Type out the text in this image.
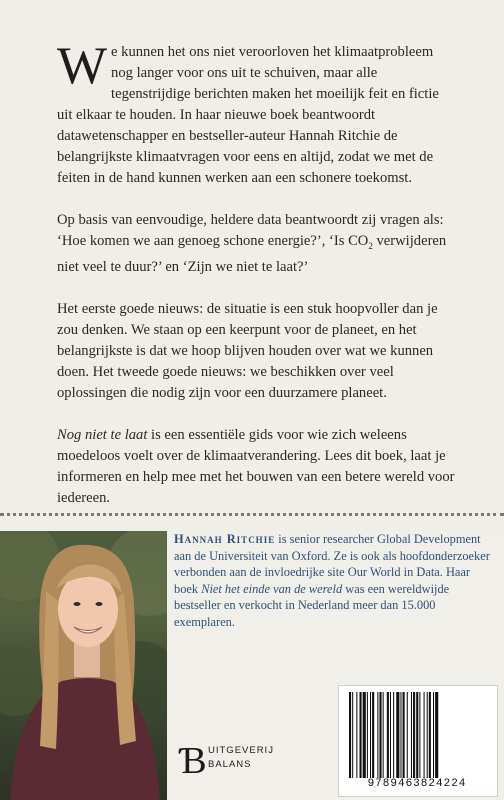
We kunnen het ons niet veroorloven het klimaatprobleem nog langer voor ons uit te schuiven, maar alle tegenstrijdige berichten maken het moeilijk feit en fictie uit elkaar te houden. In haar nieuwe boek beantwoordt datawetenschapper en bestseller-auteur Hannah Ritchie de belangrijkste klimaatvragen voor eens en altijd, zodat we met de feiten in de hand kunnen werken aan een schonere toekomst.

Op basis van eenvoudige, heldere data beantwoordt zij vragen als: ‘Hoe komen we aan genoeg schone energie?’, ‘Is $CO_2$ verwijderen niet veel te duur?’ en ‘Zijn we niet te laat?’

Het eerste goede nieuws: de situatie is een stuk hoopvoller dan je zou denken. We staan op een keerpunt voor de planeet, en het belangrijkste is dat we hoop blijven houden over wat we kunnen doen. Het tweede goede nieuws: we beschikken over veel oplossingen die nodig zijn voor een duurzamere planeet.

Nog niet te laat is een essentiële gids voor wie zich weleens moedeloos voelt over de klimaatverandering. Lees dit boek, laat je informeren en help mee met het bouwen van een betere wereld voor iedereen.

Hannah Ritchie is senior researcher Global Development aan de Universiteit van Oxford. Ze is ook als hoofdonderzoeker verbonden aan de invloedrijke site Our World in Data. Haar boek Niet het einde van de wereld was een wereldwijde bestseller en verkocht in Nederland meer dan 15.000 exemplaren.
Ɓ UITGEVERIJ
BALANS
9789463824224
